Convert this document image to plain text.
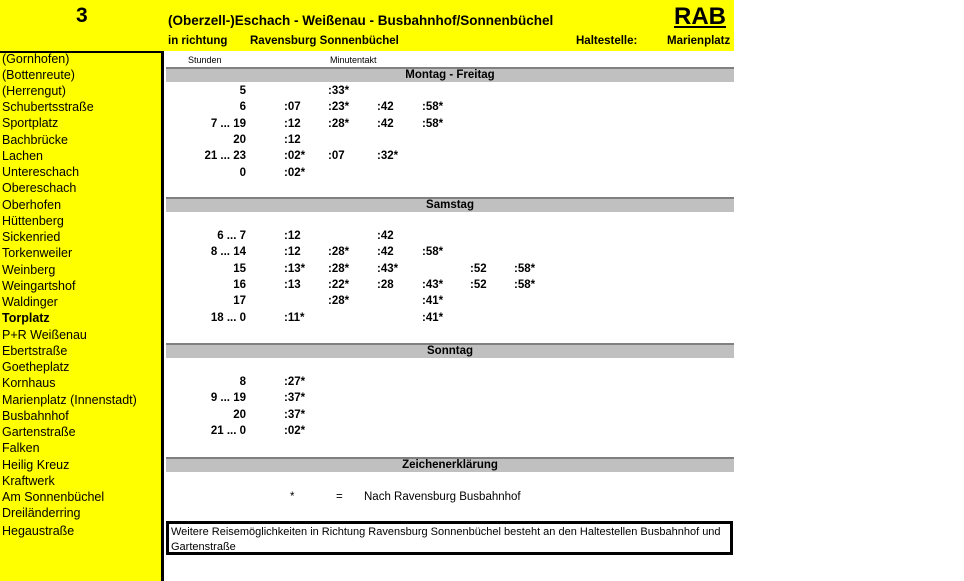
3	(Oberzell-)Eschach - Weißenau - Busbahnhof/Sonnenbüchel	RAB
in richtung Ravensburg Sonnenbüchel	Haltestelle:	Marienplatz
(Gornhofen)
(Bottenreute)
(Herrengut)
Schubertsstraße
Sportplatz
Bachbrücke
Lachen
Untereschach
Obereschach
Oberhofen
Hüttenberg
Sickenried
Torkenweiler
Weinberg
Weingartshof
Waldinger
Torplatz
P+R Weißenau
Ebertstraße
Goetheplatz
Kornhaus
Marienplatz (Innenstadt)
Busbahnhof
Gartenstraße
Falken
Heilig Kreuz
Kraftwerk
Am Sonnenbüchel
Dreiländerring
Hegaustraße
Stunden	Minutentakt
Montag - Freitag
5	:33*
6	:07 :23* :42 :58*
7 ... 19	:12 :28* :42 :58*
20	:12
21 ... 23	:02* :07	:32*
0	:02*
Samstag
6 ... 7	:12	:42
8 ... 14	:12 :28* :42 :58*
15	:13* :28* :43*	:52 :58*
16	:13 :22* :28 :43* :52 :58*
17	:28*	:41*
18 ... 0	:11*	:41*
Sonntag
8	:27*
9 ... 19	:37*
20	:37*
21 ... 0	:02*
Zeichenerklärung
*	= Nach Ravensburg Busbahnhof
Weitere Reisemöglichkeiten in Richtung Ravensburg Sonnenbüchel besteht an den Haltestellen Busbahnhof und Gartenstraße
